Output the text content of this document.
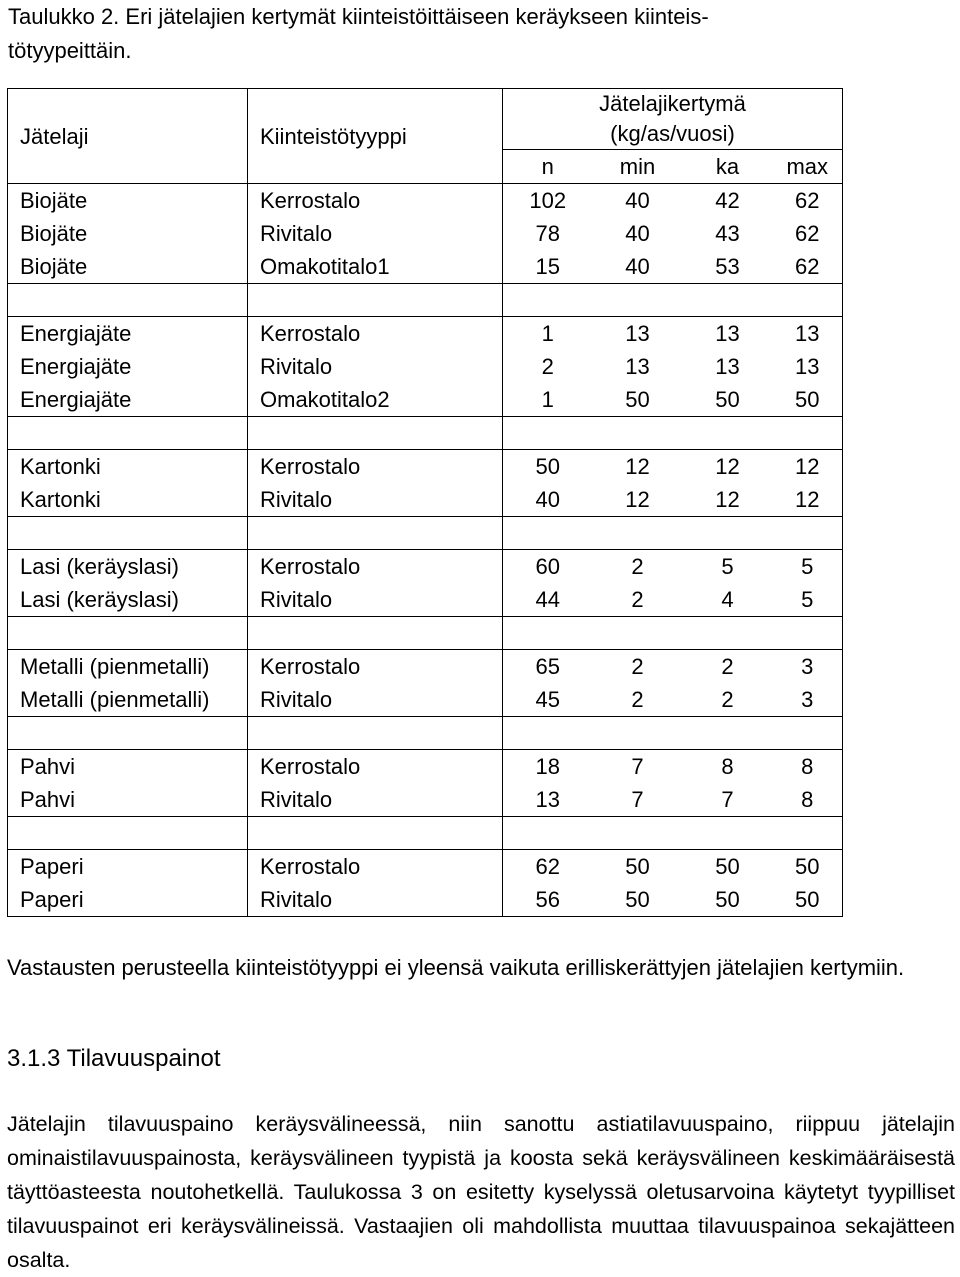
Taulukko 2. Eri jätelajien kertymät kiinteistöittäiseen keräykseen kiinteis-
tötyypeittäin.
Jätelaji	Kiinteistötyyppi	Jätelajikertymä
(kg/as/vuosi)			

		n	min	ka	max
Biojäte	Kerrostalo	102	40	42	62
Biojäte	Rivitalo	78	40	43	62
Biojäte	Omakotitalo1	15	40	53	62

Energiajäte	Kerrostalo	1	13	13	13
Energiajäte	Rivitalo	2	13	13	13
Energiajäte	Omakotitalo2	1	50	50	50

Kartonki	Kerrostalo	50	12	12	12
Kartonki	Rivitalo	40	12	12	12

Lasi (keräyslasi)	Kerrostalo	60	2	5	5
Lasi (keräyslasi)	Rivitalo	44	2	4	5

Metalli (pienmetalli)	Kerrostalo	65	2	2	3
Metalli (pienmetalli)	Rivitalo	45	2	2	3

Pahvi	Kerrostalo	18	7	8	8
Pahvi	Rivitalo	13	7	7	8

Paperi	Kerrostalo	62	50	50	50
Paperi	Rivitalo	56	50	50	50
Vastausten perusteella kiinteistötyyppi ei yleensä vaikuta erilliskerättyjen jätelajien kertymiin.
3.1.3 Tilavuuspainot
Jätelajin tilavuuspaino keräysvälineessä, niin sanottu astiatilavuuspaino, riippuu jätelajin ominaistilavuuspainosta, keräysvälineen tyypistä ja koosta sekä keräysvälineen keskimääräisestä täyttöasteesta noutohetkellä. Taulukossa 3 on esitetty kyselyssä oletusarvoina käytetyt tyypilliset tilavuuspainot eri keräysvälineissä. Vastaajien oli mahdollista muuttaa tilavuuspainoa sekajätteen osalta.
